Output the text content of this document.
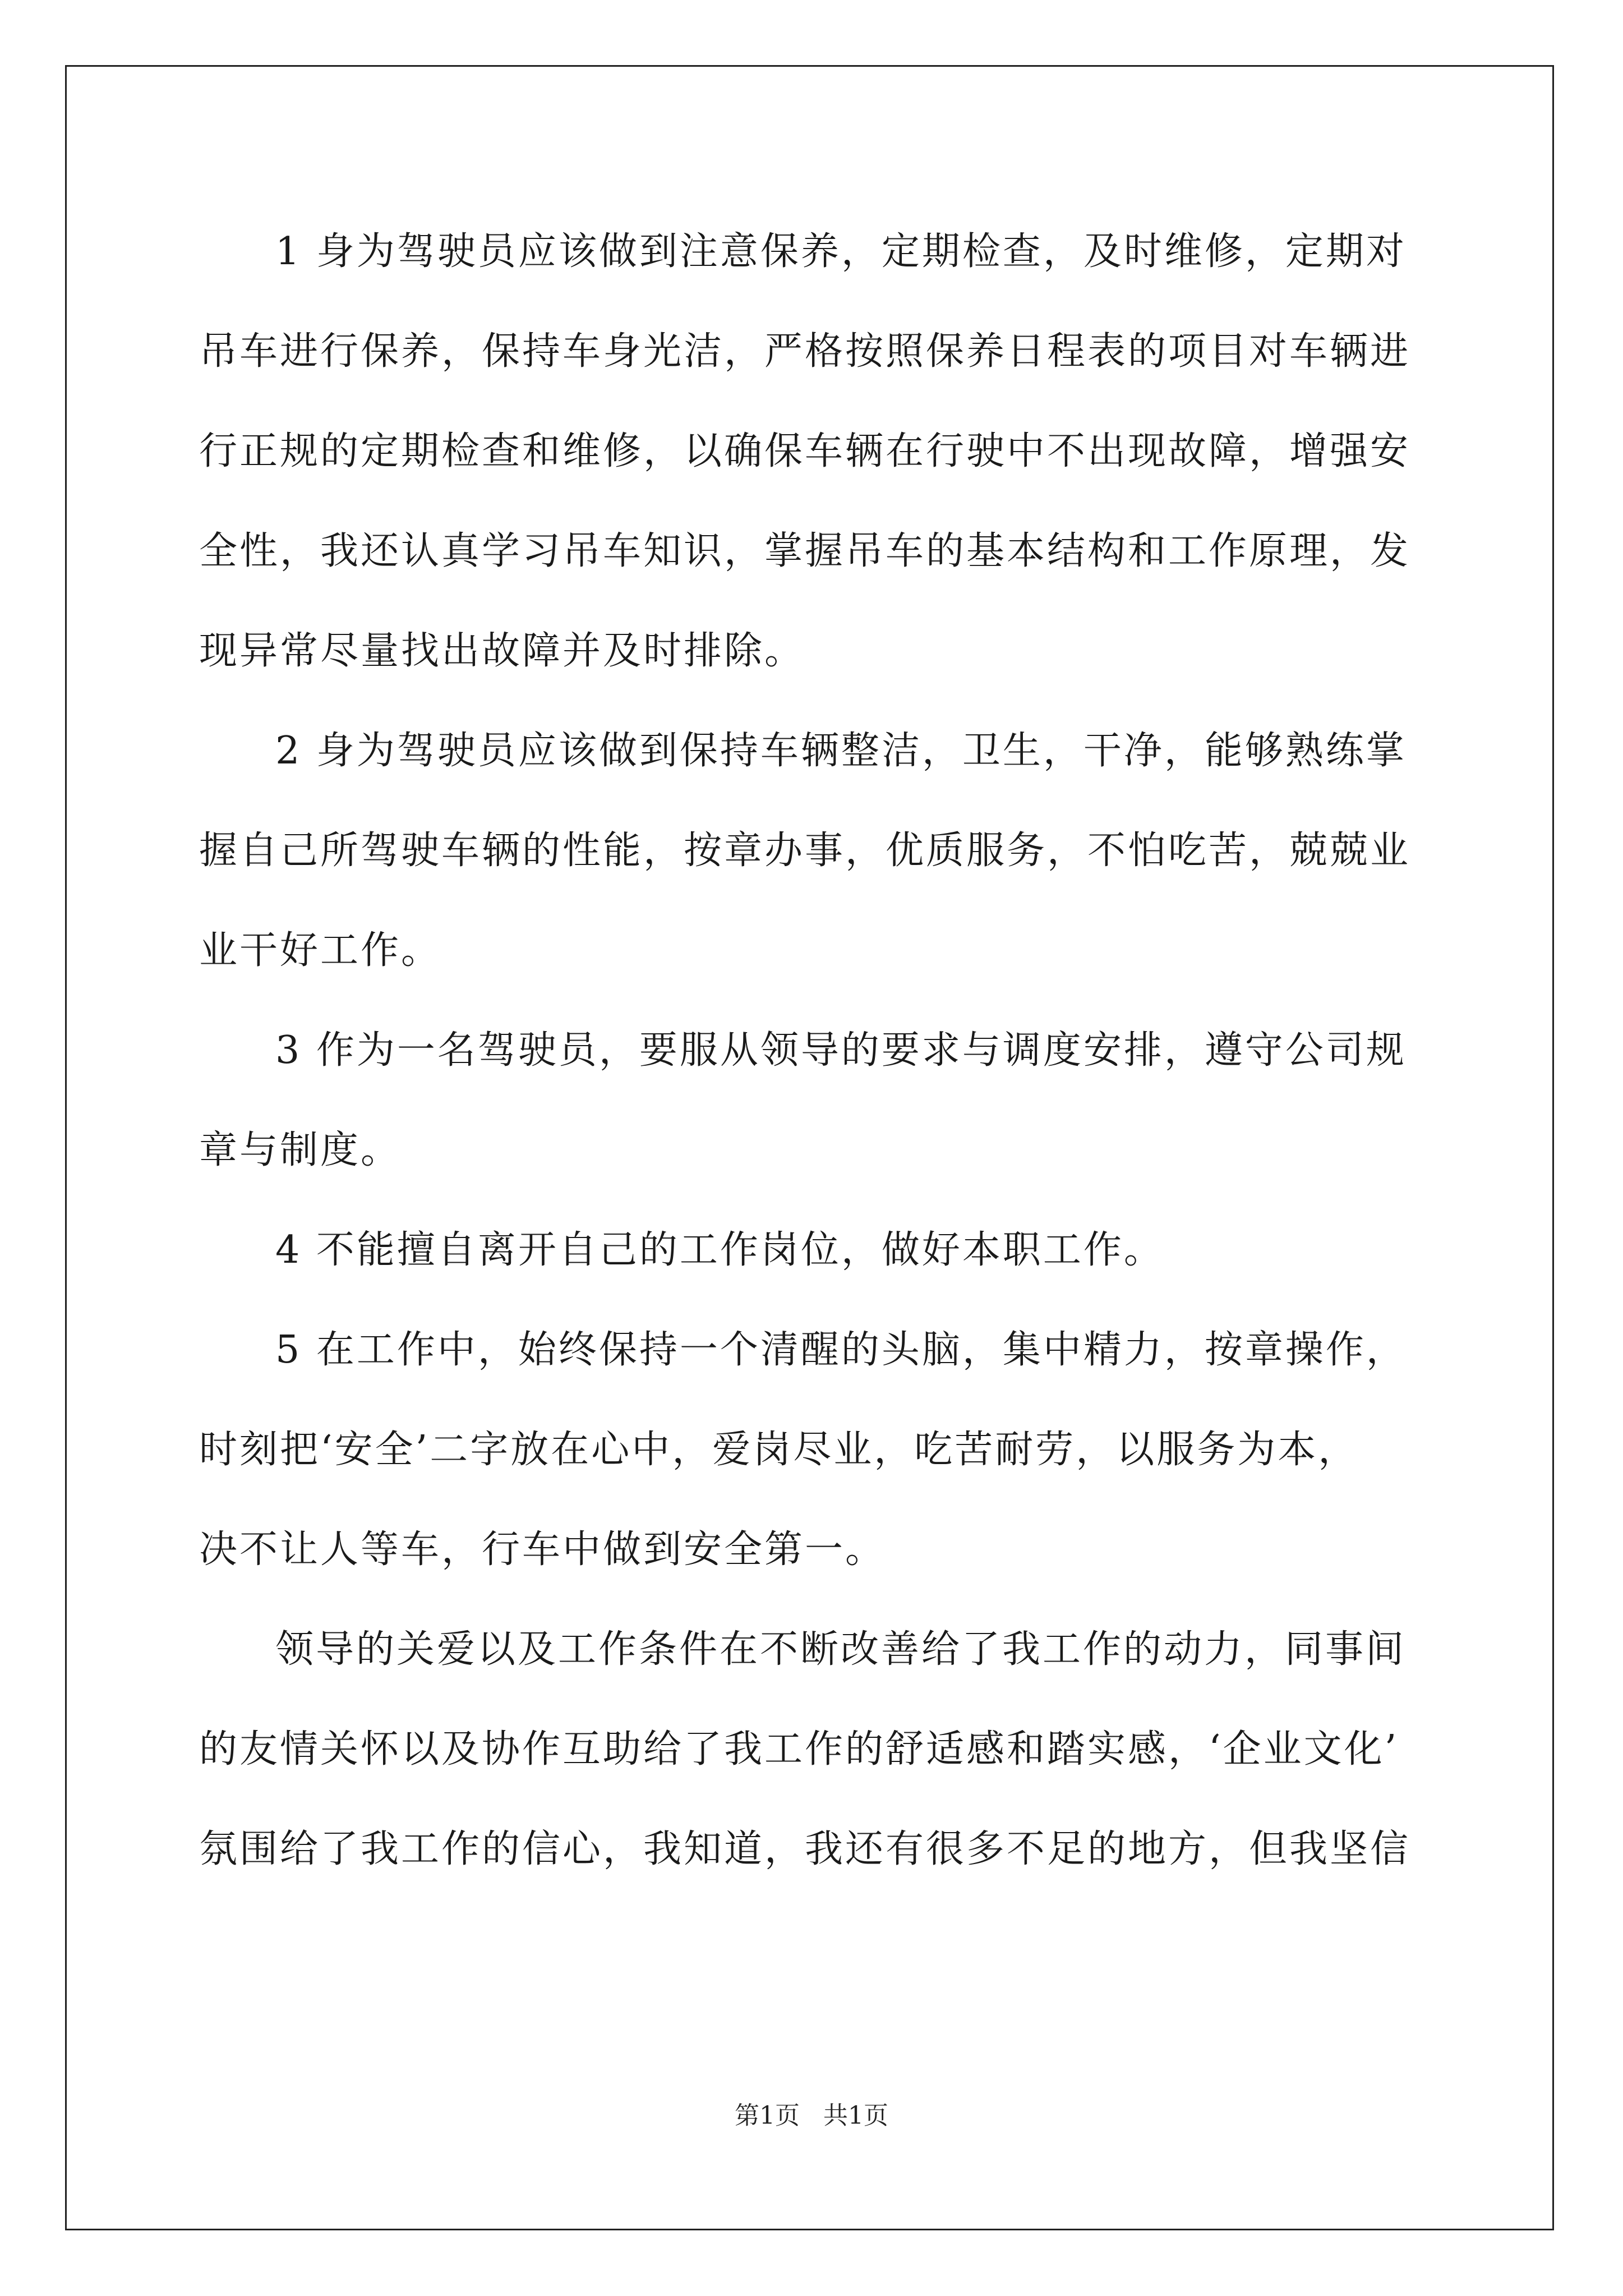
1 身为驾驶员应该做到注意保养，定期检查，及时维修，定期对
吊车进行保养，保持车身光洁，严格按照保养日程表的项目对车辆进
行正规的定期检查和维修，以确保车辆在行驶中不出现故障，增强安
全性，我还认真学习吊车知识，掌握吊车的基本结构和工作原理，发
现异常尽量找出故障并及时排除。

2 身为驾驶员应该做到保持车辆整洁，卫生，干净，能够熟练掌
握自己所驾驶车辆的性能，按章办事，优质服务，不怕吃苦，兢兢业
业干好工作。

3 作为一名驾驶员，要服从领导的要求与调度安排，遵守公司规
章与制度。

4 不能擅自离开自己的工作岗位，做好本职工作。

5 在工作中，始终保持一个清醒的头脑，集中精力，按章操作，
时刻把‘安全’二字放在心中，爱岗尽业，吃苦耐劳，以服务为本，
决不让人等车，行车中做到安全第一。

领导的关爱以及工作条件在不断改善给了我工作的动力，同事间
的友情关怀以及协作互助给了我工作的舒适感和踏实感，‘企业文化’
氛围给了我工作的信心，我知道，我还有很多不足的地方，但我坚信

第1页 共1页
